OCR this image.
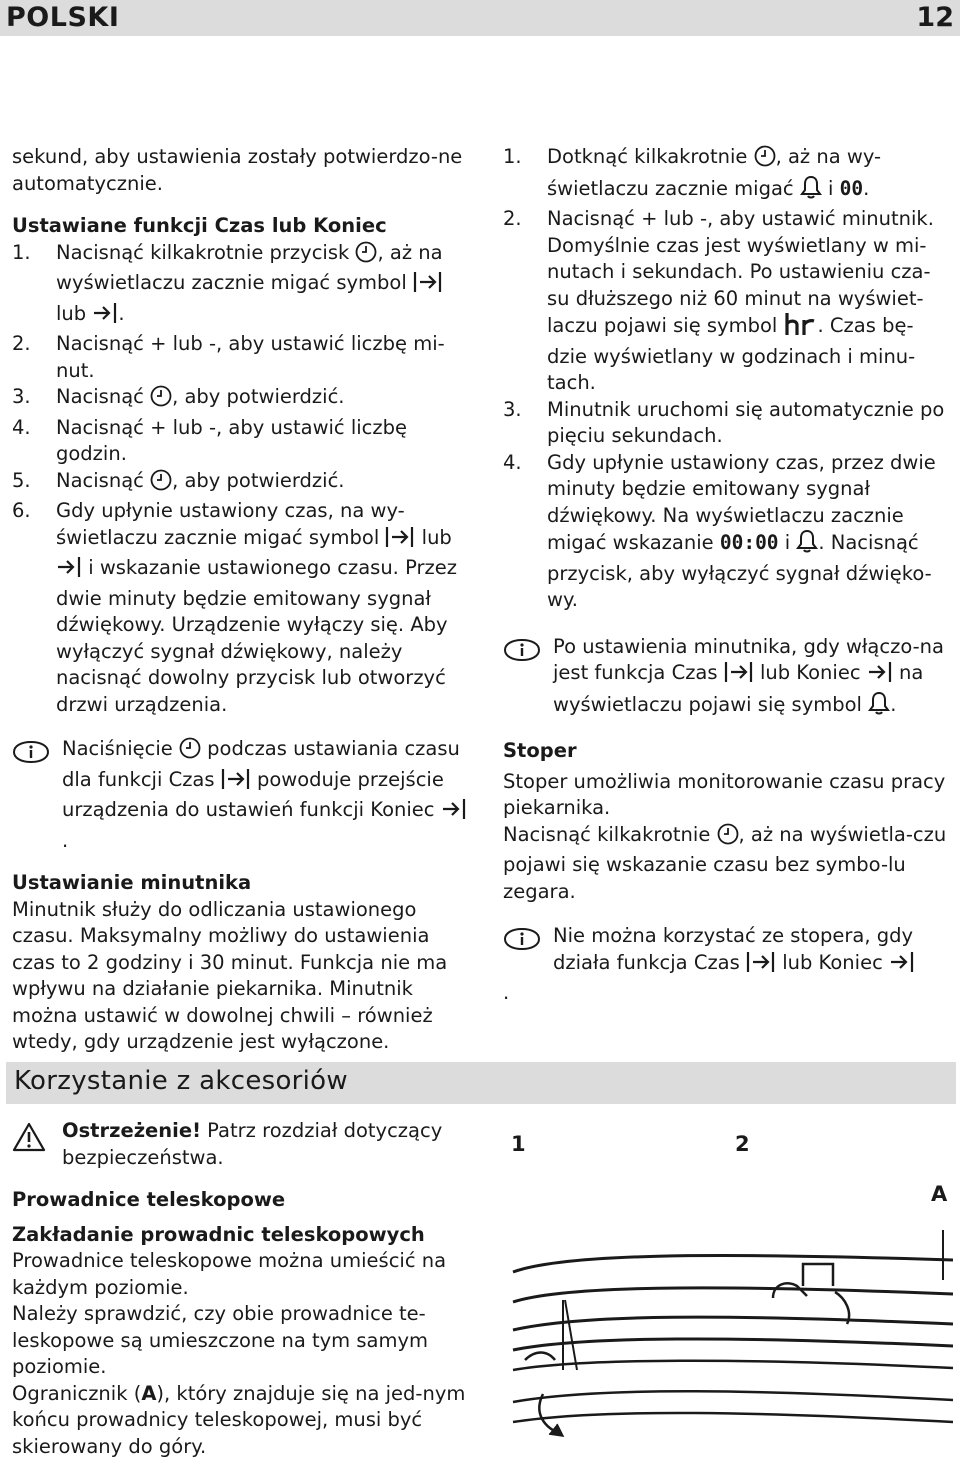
POLSKI	12

sekund, aby ustawienia zostały potwierdzo-ne automatycznie.

Ustawiane funkcji Czas lub Koniec

1. Nacisnąć kilkakrotnie przycisk , aż na wyświetlaczu zacznie migać symbol  lub .
2. Nacisnąć + lub -, aby ustawić liczbę mi-nut.
3. Nacisnąć , aby potwierdzić.
4. Nacisnąć + lub -, aby ustawić liczbę godzin.
5. Nacisnąć , aby potwierdzić.
6. Gdy upłynie ustawiony czas, na wy-świetlaczu zacznie migać symbol lub  i wskazanie ustawionego czasu. Przez dwie minuty będzie emitowany sygnał dźwiękowy. Urządzenie wyłączy się. Aby wyłączyć sygnał dźwiękowy, należy nacisnąć dowolny przycisk lub otworzyć drzwi urządzenia.

Naciśnięcie podczas ustawiania czasu dla funkcji Czas powoduje przejście urządzenia do ustawień funkcji Koniec .

Ustawianie minutnika

Minutnik służy do odliczania ustawionego czasu. Maksymalny możliwy do ustawienia czas to 2 godziny i 30 minut. Funkcja nie ma wpływu na działanie piekarnika. Minutnik można ustawić w dowolnej chwili – również wtedy, gdy urządzenie jest wyłączone.

1. Dotknąć kilkakrotnie , aż na wy-świetlaczu zacznie migać i 00.
2. Nacisnąć + lub -, aby ustawić minutnik. Domyślnie czas jest wyświetlany w mi-nutach i sekundach. Po ustawieniu cza-su dłuższego niż 60 minut na wyświet-laczu pojawi się symbol . Czas bę-dzie wyświetlany w godzinach i minu-tach.
3. Minutnik uruchomi się automatycznie po pięciu sekundach.
4. Gdy upłynie ustawiony czas, przez dwie minuty będzie emitowany sygnał dźwiękowy. Na wyświetlaczu zacznie migać wskazanie 00:00 i . Nacisnąć przycisk, aby wyłączyć sygnał dźwięko-wy.

Po ustawienia minutnika, gdy włączo-na jest funkcja Czas lub Koniec na wyświetlaczu pojawi się symbol .

Stoper

Stoper umożliwia monitorowanie czasu pracy piekarnika.

Nacisnąć kilkakrotnie , aż na wyświetla-czu pojawi się wskazanie czasu bez symbo-lu zegara.

Nie można korzystać ze stopera, gdy działa funkcja Czas lub Koniec

.

Korzystanie z akcesoriów

Ostrzeżenie! Patrz rozdział dotyczący bezpieczeństwa.

Prowadnice teleskopowe

Zakładanie prowadnic teleskopowych

Prowadnice teleskopowe można umieścić na każdym poziomie.

Należy sprawdzić, czy obie prowadnice te-leskopowe są umieszczone na tym samym poziomie.

Ogranicznik (A), który znajduje się na jed-nym końcu prowadnicy teleskopowej, musi być skierowany do góry.

1	2
A
